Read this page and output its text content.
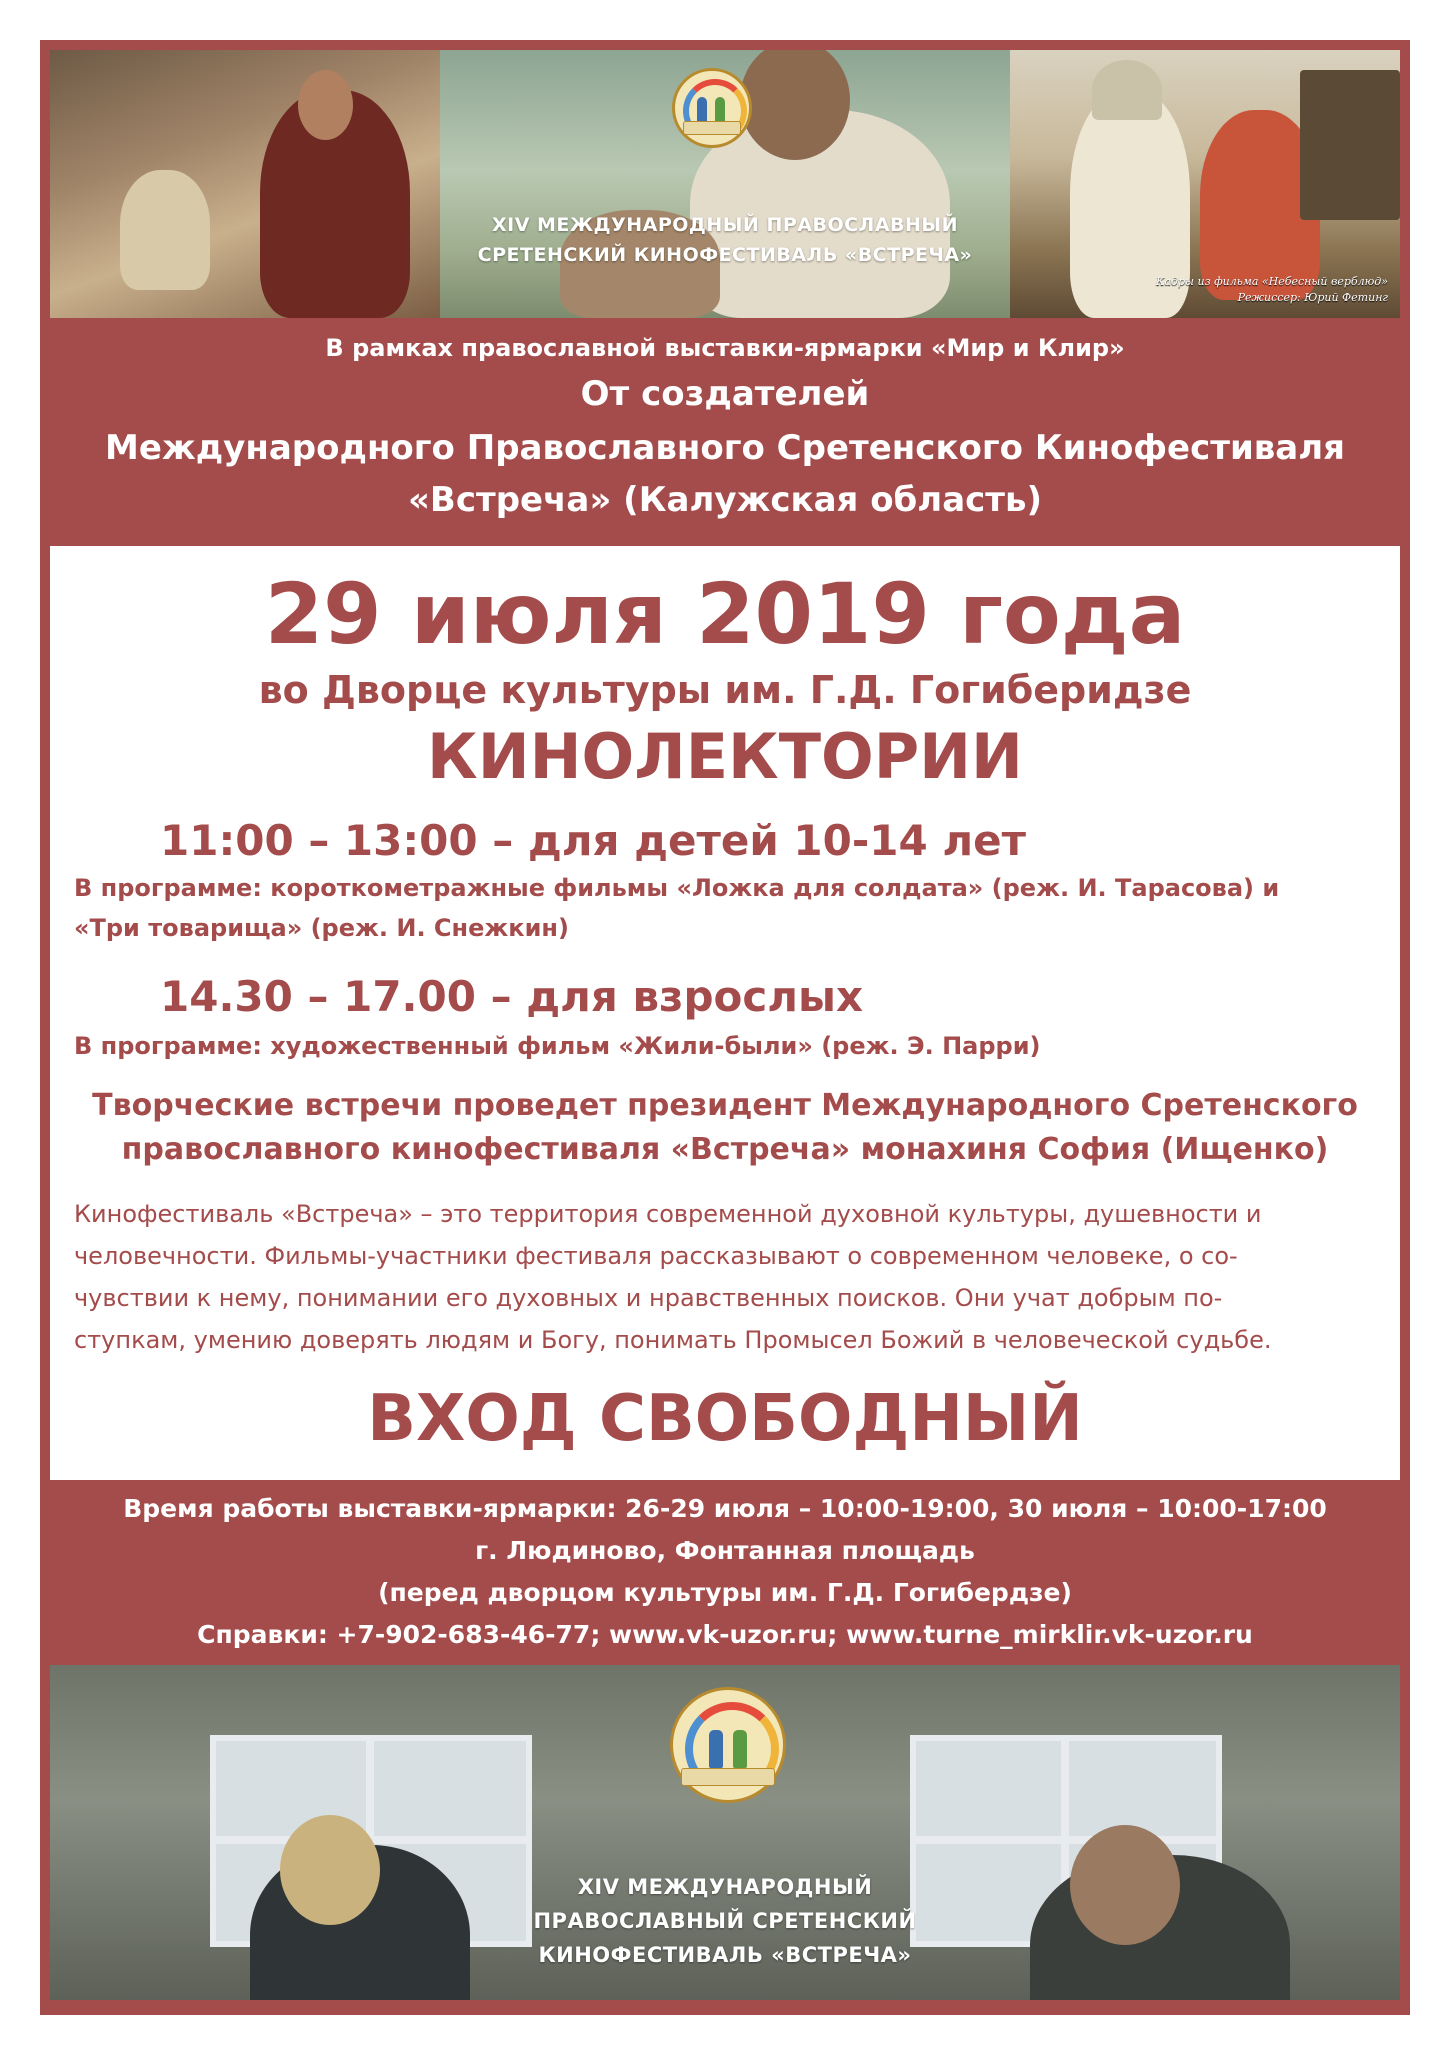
XIV МЕЖДУНАРОДНЫЙ ПРАВОСЛАВНЫЙ
СРЕТЕНСКИЙ КИНОФЕСТИВАЛЬ «ВСТРЕЧА»
Кадры из фильма «Небесный верблюд»
Режиссер: Юрий Фетинг
В рамках православной выставки-ярмарки «Мир и Клир»
От создателей
Международного Православного Сретенского Кинофестиваля
«Встреча» (Калужская область)
29 июля 2019 года
во Дворце культуры им. Г.Д. Гогиберидзе
КИНОЛЕКТОРИИ
11:00 – 13:00 – для детей 10-14 лет
В программе: короткометражные фильмы «Ложка для солдата» (реж. И. Тарасова) и
«Три товарища» (реж. И. Снежкин)
14.30 – 17.00 – для взрослых
В программе: художественный фильм «Жили-были» (реж. Э. Парри)
Творческие встречи проведет президент Международного Сретенского
православного кинофестиваля «Встреча» монахиня София (Ищенко)
Кинофестиваль «Встреча» – это территория современной духовной культуры, душевности и
человечности. Фильмы-участники фестиваля рассказывают о современном человеке, о со-
чувствии к нему, понимании его духовных и нравственных поисков. Они учат добрым по-
ступкам, умению доверять людям и Богу, понимать Промысел Божий в человеческой судьбе.
ВХОД СВОБОДНЫЙ
Время работы выставки-ярмарки: 26-29 июля – 10:00-19:00, 30 июля – 10:00-17:00
г. Людиново, Фонтанная площадь
(перед дворцом культуры им. Г.Д. Гогибердзе)
Справки: +7-902-683-46-77; www.vk-uzor.ru; www.turne_mirklir.vk-uzor.ru
XIV МЕЖДУНАРОДНЫЙ
ПРАВОСЛАВНЫЙ СРЕТЕНСКИЙ
КИНОФЕСТИВАЛЬ «ВСТРЕЧА»
